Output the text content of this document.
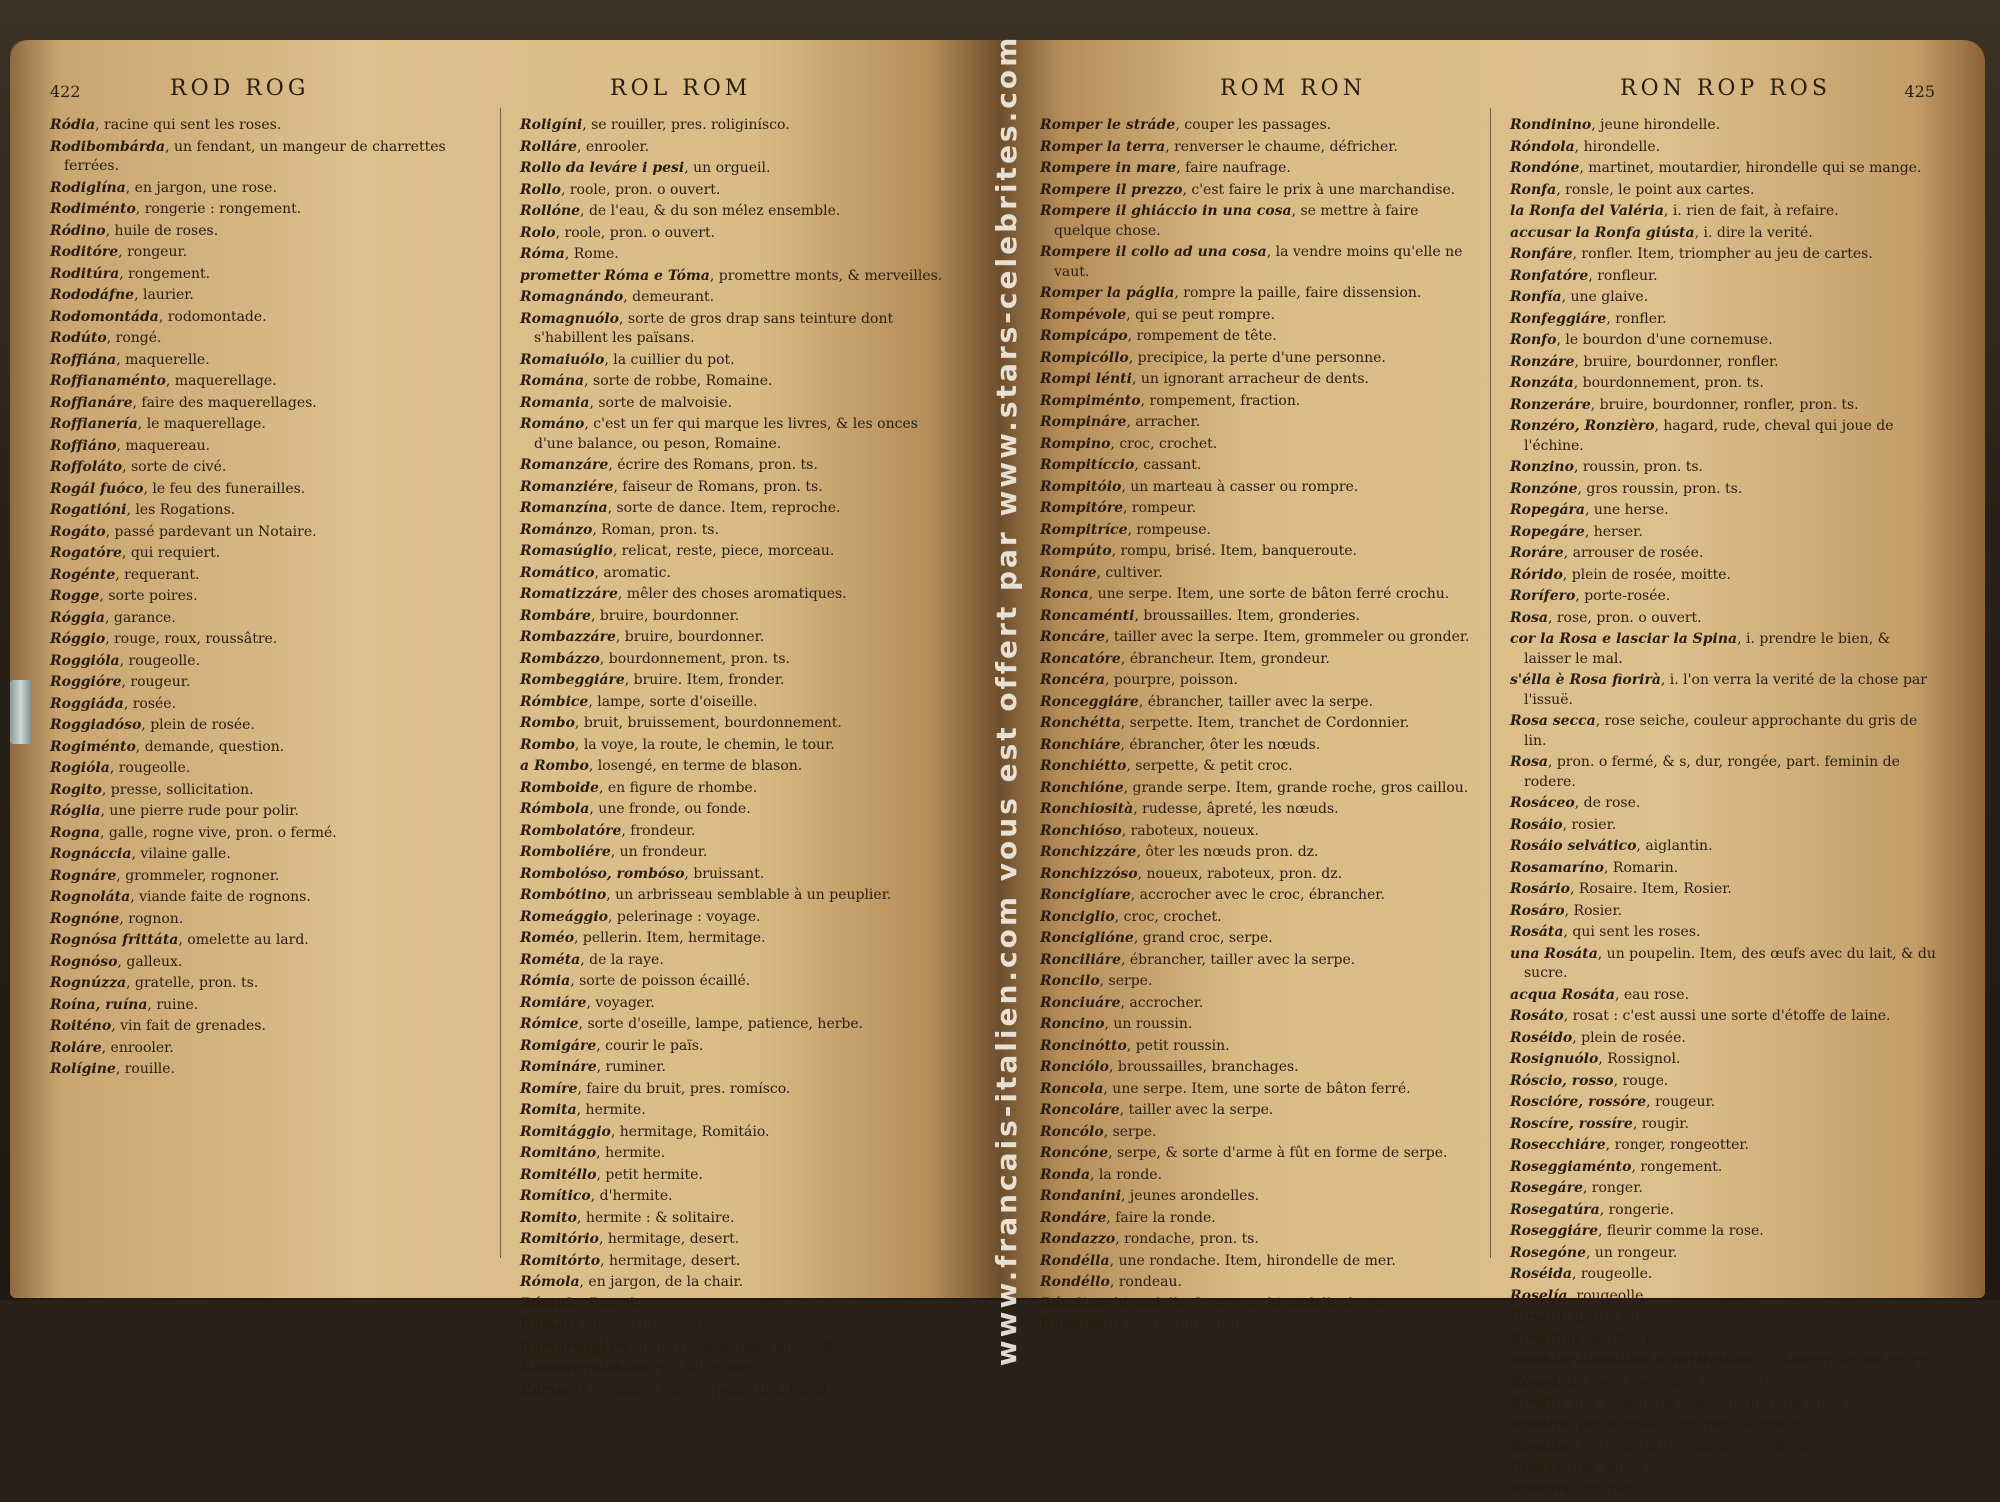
422	ROD ROG	ROL ROM

Ródia, racine qui sent les roses.

Rodibombárda, un fendant, un mangeur de charrettes ferrées.

Rodiglína, en jargon, une rose.

Rodiménto, rongerie : rongement.

Ródino, huile de roses.

Roditóre, rongeur.

Roditúra, rongement.

Rododáfne, laurier.

Rodomontáda, rodomontade.

Rodúto, rongé.

Roffiána, maquerelle.

Roffianaménto, maquerellage.

Roffianáre, faire des maquerellages.

Roffianería, le maquerellage.

Roffiáno, maquereau.

Roffoláto, sorte de civé.

Rogál fuóco, le feu des funerailles.

Rogatióni, les Rogations.

Rogáto, passé pardevant un Notaire.

Rogatóre, qui requiert.

Rogénte, requerant.

Rogge, sorte poires.

Róggia, garance.

Róggio, rouge, roux, roussâtre.

Roggióla, rougeolle.

Roggióre, rougeur.

Roggiáda, rosée.

Roggiadóso, plein de rosée.

Rogiménto, demande, question.

Rogióla, rougeolle.

Rogito, presse, sollicitation.

Róglia, une pierre rude pour polir.

Rogna, galle, rogne vive, pron. o fermé.

Rognáccia, vilaine galle.

Rognáre, grommeler, rognoner.

Rognoláta, viande faite de rognons.

Rognóne, rognon.

Rognósa frittáta, omelette au lard.

Rognóso, galleux.

Rognúzza, gratelle, pron. ts.

Roína, ruína, ruine.

Roiténo, vin fait de grenades.

Roláre, enrooler.

Rolígine, rouille.

Roligíni, se rouiller, pres. roliginísco.

Rolláre, enrooler.

Rollo da leváre i pesi, un orgueil.

Rollo, roole, pron. o ouvert.

Rollóne, de l'eau, & du son mélez ensemble.

Rolo, roole, pron. o ouvert.

Róma, Rome.

prometter Róma e Tóma, promettre monts, & merveilles.

Romagnándo, demeurant.

Romagnuólo, sorte de gros drap sans teinture dont s'habillent les païsans.

Romaiuólo, la cuillier du pot.

Romána, sorte de robbe, Romaine.

Romania, sorte de malvoisie.

Románo, c'est un fer qui marque les livres, & les onces d'une balance, ou peson, Romaine.

Romanzáre, écrire des Romans, pron. ts.

Romanziére, faiseur de Romans, pron. ts.

Romanzína, sorte de dance. Item, reproche.

Románzo, Roman, pron. ts.

Romasúglio, relicat, reste, piece, morceau.

Romático, aromatic.

Romatizzáre, mêler des choses aromatiques.

Rombáre, bruire, bourdonner.

Rombazzáre, bruire, bourdonner.

Rombázzo, bourdonnement, pron. ts.

Rombeggiáre, bruire. Item, fronder.

Rómbice, lampe, sorte d'oiseille.

Rombo, bruit, bruissement, bourdonnement.

Rombo, la voye, la route, le chemin, le tour.

a Rombo, losengé, en terme de blason.

Romboide, en figure de rhombe.

Rómbola, une fronde, ou fonde.

Rombolatóre, frondeur.

Romboliére, un frondeur.

Rombolóso, rombóso, bruissant.

Rombótino, un arbrisseau semblable à un peuplier.

Romeággio, pelerinage : voyage.

Roméo, pellerin. Item, hermitage.

Rométa, de la raye.

Rómia, sorte de poisson écaillé.

Romiáre, voyager.

Rómice, sorte d'oseille, lampe, patience, herbe.

Romigáre, courir le païs.

Romináre, ruminer.

Romíre, faire du bruit, pres. romísco.

Romita, hermite.

Romitággio, hermitage, Romitáio.

Romitáno, hermite.

Romitéllo, petit hermite.

Romítico, d'hermite.

Romito, hermite : & solitaire.

Romitório, hermitage, desert.

Romitórto, hermitage, desert.

Rómola, en jargon, de la chair.

Rómulo, Romulus.

Romóre, bruit, rumeur, renommée.

Romoreggiáre, faire rumeur, faire du bruit.

Romoreggiatóre, qui fait rumeur.

Rómpere, rompre, casser, passé def. ruppi.

ROM RON	RON ROP ROS	425

Romper le stráde, couper les passages.

Romper la terra, renverser le chaume, défricher.

Rompere in mare, faire naufrage.

Rompere il prezzo, c'est faire le prix à une marchandise.

Rompere il ghiáccio in una cosa, se mettre à faire quelque chose.

Rompere il collo ad una cosa, la vendre moins qu'elle ne vaut.

Romper la páglia, rompre la paille, faire dissension.

Rompévole, qui se peut rompre.

Rompicápo, rompement de tête.

Rompicóllo, precipice, la perte d'une personne.

Rompi lénti, un ignorant arracheur de dents.

Rompiménto, rompement, fraction.

Rompináre, arracher.

Rompino, croc, crochet.

Rompitíccio, cassant.

Rompitóio, un marteau à casser ou rompre.

Rompitóre, rompeur.

Rompitríce, rompeuse.

Rompúto, rompu, brisé. Item, banqueroute.

Ronáre, cultiver.

Ronca, une serpe. Item, une sorte de bâton ferré crochu.

Roncaménti, broussailles. Item, gronderies.

Roncáre, tailler avec la serpe. Item, grommeler ou gronder.

Roncatóre, ébrancheur. Item, grondeur.

Roncéra, pourpre, poisson.

Ronceggiáre, ébrancher, tailler avec la serpe.

Ronchétta, serpette. Item, tranchet de Cordonnier.

Ronchiáre, ébrancher, ôter les nœuds.

Ronchiétto, serpette, & petit croc.

Ronchióne, grande serpe. Item, grande roche, gros caillou.

Ronchiosità, rudesse, âpreté, les nœuds.

Ronchióso, raboteux, noueux.

Ronchizzáre, ôter les nœuds pron. dz.

Ronchizzóso, noueux, raboteux, pron. dz.

Ronciglíare, accrocher avec le croc, ébrancher.

Ronciglio, croc, crochet.

Ronciglióne, grand croc, serpe.

Ronciliáre, ébrancher, tailler avec la serpe.

Roncilo, serpe.

Ronciuáre, accrocher.

Roncino, un roussin.

Roncinótto, petit roussin.

Ronciólo, broussailles, branchages.

Roncola, une serpe. Item, une sorte de bâton ferré.

Roncoláre, tailler avec la serpe.

Roncólo, serpe.

Roncóne, serpe, & sorte d'arme à fût en forme de serpe.

Ronda, la ronde.

Rondanini, jeunes arondelles.

Rondáre, faire la ronde.

Rondazzo, rondache, pron. ts.

Rondélla, une rondache. Item, hirondelle de mer.

Rondéllo, rondeau.

Róndine, hirondelle. Item, une hirondelle de mer.

Rondinélla, jeune hirondelle.

Rondinino, jeune hirondelle.

Róndola, hirondelle.

Rondóne, martinet, moutardier, hirondelle qui se mange.

Ronfa, ronsle, le point aux cartes.

la Ronfa del Valéria, i. rien de fait, à refaire.

accusar la Ronfa giústa, i. dire la verité.

Ronfáre, ronfler. Item, triompher au jeu de cartes.

Ronfatóre, ronfleur.

Ronfía, une glaive.

Ronfeggiáre, ronfler.

Ronfo, le bourdon d'une cornemuse.

Ronzáre, bruire, bourdonner, ronfler.

Ronzáta, bourdonnement, pron. ts.

Ronzeráre, bruire, bourdonner, ronfler, pron. ts.

Ronzéro, Ronzièro, hagard, rude, cheval qui joue de l'échine.

Ronzino, roussin, pron. ts.

Ronzóne, gros roussin, pron. ts.

Ropegára, une herse.

Ropegáre, herser.

Roráre, arrouser de rosée.

Rórido, plein de rosée, moitte.

Rorífero, porte-rosée.

Rosa, rose, pron. o ouvert.

cor la Rosa e lasciar la Spina, i. prendre le bien, & laisser le mal.

s'élla è Rosa fiorirà, i. l'on verra la verité de la chose par l'issuë.

Rosa secca, rose seiche, couleur approchante du gris de lin.

Rosa, pron. o fermé, & s, dur, rongée, part. feminin de rodere.

Rosáceo, de rose.

Rosáio, rosier.

Rosáio selvático, aiglantin.

Rosamaríno, Romarin.

Rosário, Rosaire. Item, Rosier.

Rosáro, Rosier.

Rosáta, qui sent les roses.

una Rosáta, un poupelin. Item, des œufs avec du lait, & du sucre.

acqua Rosáta, eau rose.

Rosáto, rosat : c'est aussi une sorte d'étoffe de laine.

Roséido, plein de rosée.

Rosignuólo, Rossignol.

Róscio, rosso, rouge.

Roscióre, rossóre, rougeur.

Roscíre, rossíre, rougir.

Rosecchiáre, ronger, rongeotter.

Roseggiaménto, rongement.

Rosegáre, ronger.

Rosegatúra, rongerie.

Roseggiáre, fleurir comme la rose.

Rosegóne, un rongeur.

Roséida, rougeolle.

Roselía, rougeolle.

Roselli, gratte-culs.

Rosellíne, petites roses.

cambiar Rosellíne a partigiáne, i. changer de mal en pis.

Róseo, de rose, rosé, pron. o ouvert.

Roséto, une couche de roses, ou haye de roses.

Rosétta, petite rose. Item, rouëlle rosette.

Rosétto, sorte de fard rouge pron. e fermé.

Roscía, une souris.

Roscáre, ronger.

www.francais-italien.com vous est offert par www.stars-celebrites.com
